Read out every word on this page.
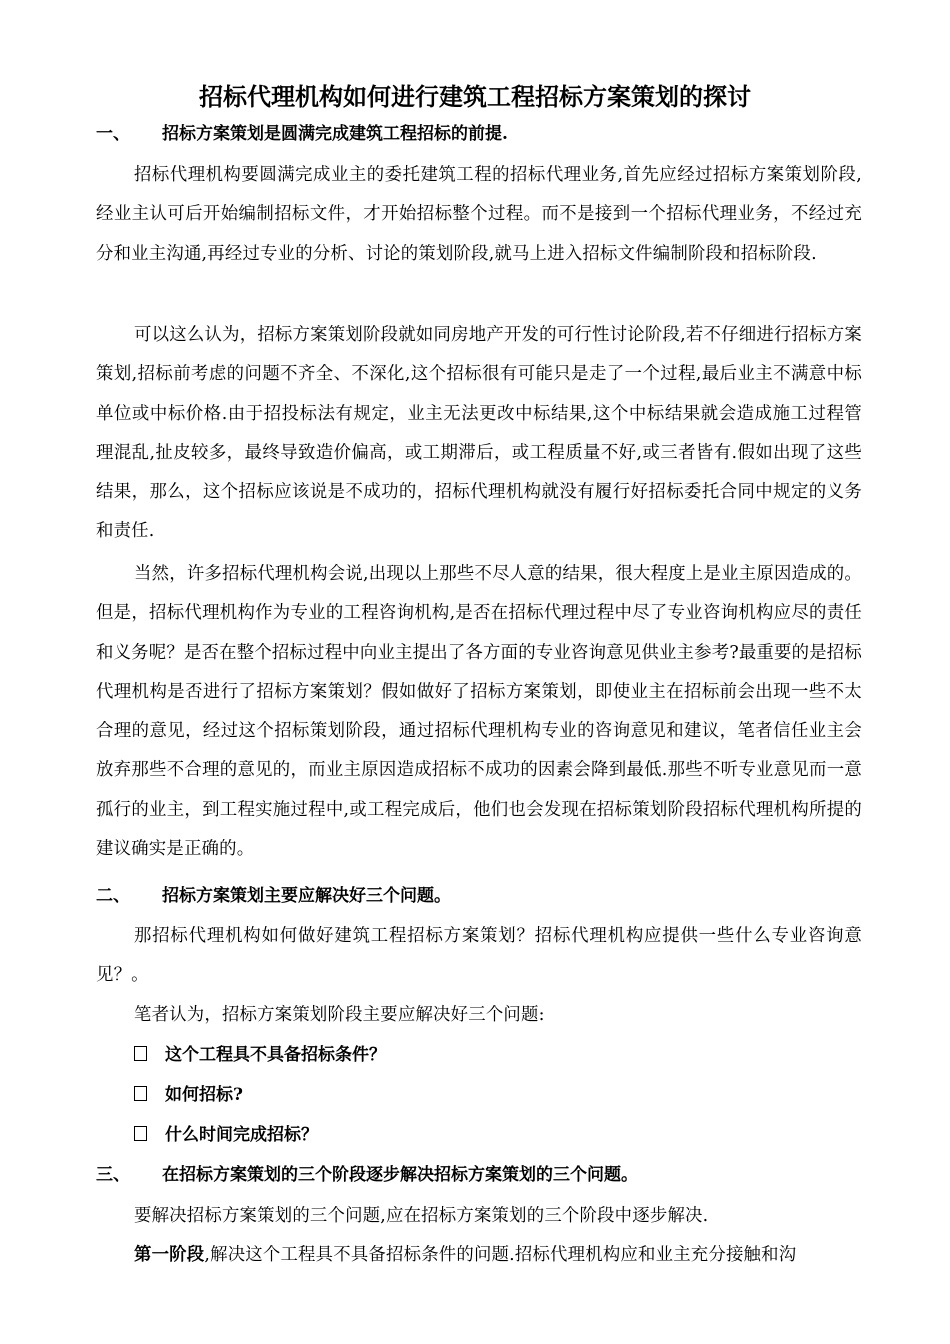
招标代理机构如何进行建筑工程招标方案策划的探讨
一、 招标方案策划是圆满完成建筑工程招标的前提.
招标代理机构要圆满完成业主的委托建筑工程的招标代理业务,首先应经过招标方案策划阶段,经业主认可后开始编制招标文件，才开始招标整个过程。而不是接到一个招标代理业务，不经过充分和业主沟通,再经过专业的分析、讨论的策划阶段,就马上进入招标文件编制阶段和招标阶段.
可以这么认为，招标方案策划阶段就如同房地产开发的可行性讨论阶段,若不仔细进行招标方案策划,招标前考虑的问题不齐全、不深化,这个招标很有可能只是走了一个过程,最后业主不满意中标单位或中标价格.由于招投标法有规定，业主无法更改中标结果,这个中标结果就会造成施工过程管理混乱,扯皮较多，最终导致造价偏高，或工期滞后，或工程质量不好,或三者皆有.假如出现了这些结果，那么，这个招标应该说是不成功的，招标代理机构就没有履行好招标委托合同中规定的义务和责任.
当然，许多招标代理机构会说,出现以上那些不尽人意的结果，很大程度上是业主原因造成的。但是，招标代理机构作为专业的工程咨询机构,是否在招标代理过程中尽了专业咨询机构应尽的责任和义务呢？是否在整个招标过程中向业主提出了各方面的专业咨询意见供业主参考?最重要的是招标代理机构是否进行了招标方案策划？假如做好了招标方案策划，即使业主在招标前会出现一些不太合理的意见，经过这个招标策划阶段，通过招标代理机构专业的咨询意见和建议，笔者信任业主会放弃那些不合理的意见的，而业主原因造成招标不成功的因素会降到最低.那些不听专业意见而一意孤行的业主，到工程实施过程中,或工程完成后，他们也会发现在招标策划阶段招标代理机构所提的建议确实是正确的。
二、 招标方案策划主要应解决好三个问题。
那招标代理机构如何做好建筑工程招标方案策划？招标代理机构应提供一些什么专业咨询意见？。
笔者认为，招标方案策划阶段主要应解决好三个问题:
这个工程具不具备招标条件？
如何招标?
什么时间完成招标？
三、 在招标方案策划的三个阶段逐步解决招标方案策划的三个问题。
要解决招标方案策划的三个问题,应在招标方案策划的三个阶段中逐步解决.
第一阶段,解决这个工程具不具备招标条件的问题.招标代理机构应和业主充分接触和沟
